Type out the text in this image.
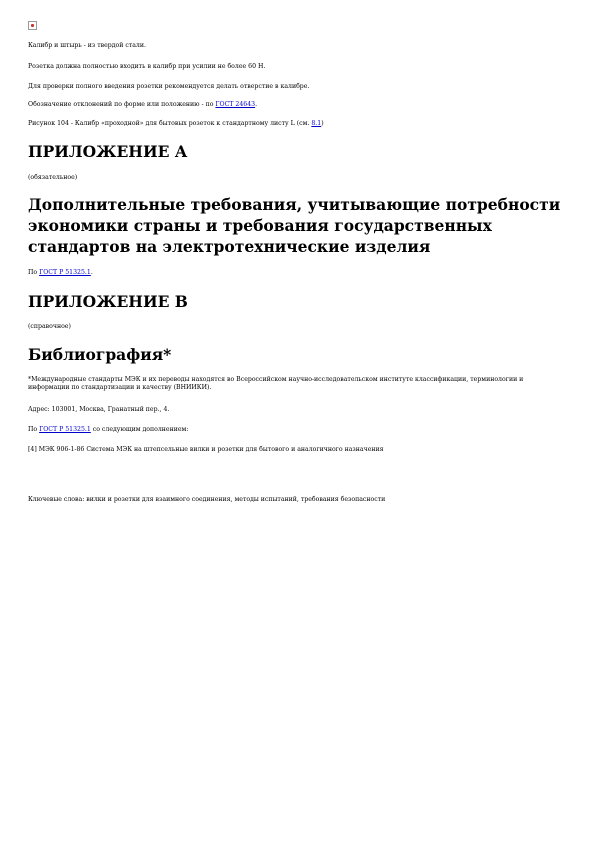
Калибр и штырь - из твердой стали.
Розетка должна полностью входить в калибр при усилии не более 60 Н.
Для проверки полного введения розетки рекомендуется делать отверстие в калибре.
Обозначение отклонений по форме или положению - по ГОСТ 24643.
Рисунок 104 - Калибр «проходной» для бытовых розеток к стандартному листу L (см. 8.1)
ПРИЛОЖЕНИЕ А
(обязательное)
Дополнительные требования, учитывающие потребности экономики страны и требования государственных стандартов на электротехнические изделия
По ГОСТ Р 51325.1.
ПРИЛОЖЕНИЕ В
(справочное)
Библиография*
*Международные стандарты МЭК и их переводы находятся во Всероссийском научно-исследовательском институте классификации, терминологии и информации по стандартизации и качеству (ВНИИКИ).
Адрес: 103001, Москва, Гранатный пер., 4.
По ГОСТ Р 51325.1 со следующим дополнением:
[4] МЭК 906-1-86 Система МЭК на штепсельные вилки и розетки для бытового и аналогичного назначения
Ключевые слова: вилки и розетки для взаимного соединения, методы испытаний, требования безопасности
